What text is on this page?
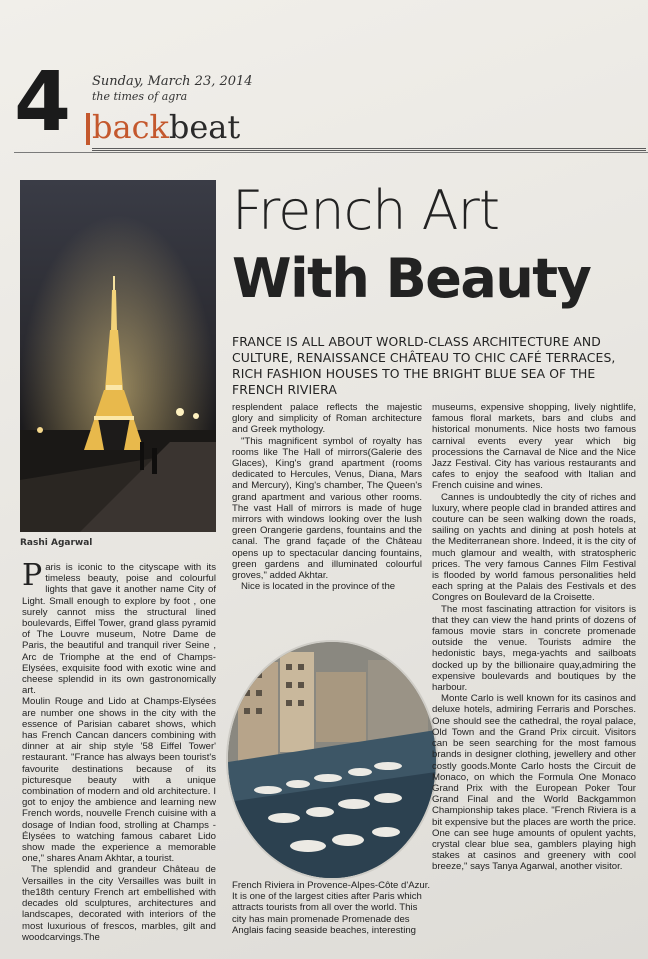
4 Sunday, March 23, 2014
the times of agra
backbeat
Rashi Agarwal
French Art
With Beauty
FRANCE IS ALL ABOUT WORLD-CLASS ARCHITECTURE AND CULTURE, RENAISSANCE CHÂTEAU TO CHIC CAFÉ TERRACES, RICH FASHION HOUSES TO THE BRIGHT BLUE SEA OF THE FRENCH RIVIERA

Paris is iconic to the cityscape with its timeless beauty, poise and colourful lights that gave it another name City of Light. Small enough to explore by foot , one surely cannot miss the structural lined boulevards, Eiffel Tower, grand glass pyramid of The Louvre museum, Notre Dame de Paris, the beautiful and tranquil river Seine , Arc de Triomphe at the end of Champs-Elysées, exquisite food with exotic wine and cheese splendid in its own gastronomically art.

Moulin Rouge and Lido at Champs-Elysées are number one shows in the city with the essence of Parisian cabaret shows, which has French Cancan dancers combining with dinner at air ship style '58 Eiffel Tower' restaurant. "France has always been tourist's favourite destinations because of its picturesque beauty with a unique combination of modern and old architecture. I got to enjoy the ambience and learning new French words, nouvelle French cuisine with a dosage of Indian food, strolling at Champs - Élysées to watching famous cabaret Lido show made the experience a memorable one," shares Anam Akhtar, a tourist.

The splendid and grandeur Château de Versailles in the city Versailles was built in the18th century French art embellished with decades old sculptures, architectures and landscapes, decorated with interiors of the most luxurious of frescos, marbles, gilt and woodcarvings.The

resplendent palace reflects the majestic glory and simplicity of Roman architecture and Greek mythology.

"This magnificent symbol of royalty has rooms like The Hall of mirrors(Galerie des Glaces), King's grand apartment (rooms dedicated to Hercules, Venus, Diana, Mars and Mercury), King's chamber, The Queen's grand apartment and various other rooms. The vast Hall of mirrors is made of huge mirrors with windows looking over the lush green Orangerie gardens, fountains and the canal. The grand façade of the Château opens up to spectacular dancing fountains, green gardens and illuminated colourful groves," added Akhtar.

Nice is located in the province of the

French Riviera in Provence-Alpes-Côte d'Azur.
It is one of the largest cities after Paris which
attracts tourists from all over the world. This
city has main promenade Promenade des
Anglais facing seaside beaches, interesting

museums, expensive shopping, lively nightlife, famous floral markets, bars and clubs and historical monuments. Nice hosts two famous carnival events every year which big processions the Carnaval de Nice and the Nice Jazz Festival. City has various restaurants and cafes to enjoy the seafood with Italian and French cuisine and wines.

Cannes is undoubtedly the city of riches and luxury, where people clad in branded attires and couture can be seen walking down the roads, sailing on yachts and dining at posh hotels at the Mediterranean shore. Indeed, it is the city of much glamour and wealth, with stratospheric prices. The very famous Cannes Film Festival is flooded by world famous personalities held each spring at the Palais des Festivals et des Congres on Boulevard de la Croisette.

The most fascinating attraction for visitors is that they can view the hand prints of dozens of famous movie stars in concrete promenade outside the venue. Tourists admire the hedonistic bays, mega-yachts and sailboats docked up by the billionaire quay,admiring the expensive boulevards and boutiques by the harbour.

Monte Carlo is well known for its casinos and deluxe hotels, admiring Ferraris and Porsches. One should see the cathedral, the royal palace, Old Town and the Grand Prix circuit. Visitors can be seen searching for the most famous brands in designer clothing, jewellery and other costly goods.Monte Carlo hosts the Circuit de Monaco, on which the Formula One Monaco Grand Prix with the European Poker Tour Grand Final and the World Backgammon Championship takes place. "French Riviera is a bit expensive but the places are worth the price. One can see huge amounts of opulent yachts, crystal clear blue sea, gamblers playing high stakes at casinos and greenery with cool breeze," says Tanya Agarwal, another visitor.
